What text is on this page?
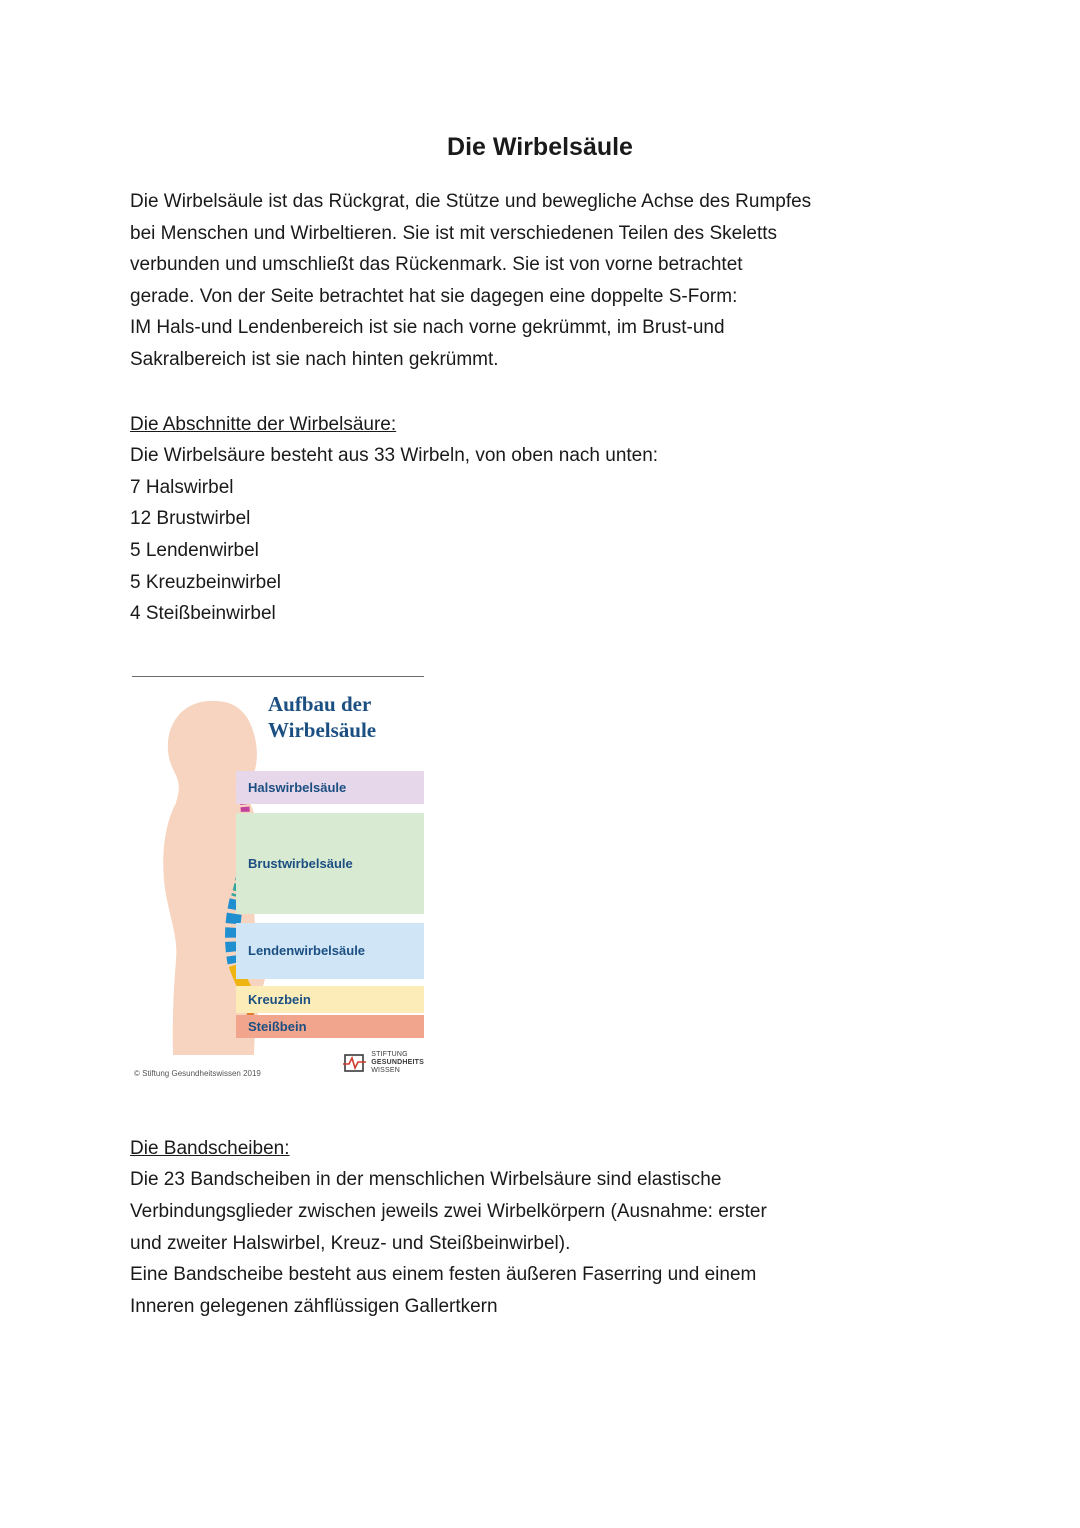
Die Wirbelsäule
Die Wirbelsäule ist das Rückgrat, die Stütze und bewegliche Achse des Rumpfes
bei Menschen und Wirbeltieren. Sie ist mit verschiedenen Teilen des Skeletts
verbunden und umschließt das Rückenmark. Sie ist von vorne betrachtet
gerade. Von der Seite betrachtet hat sie dagegen eine doppelte S-Form:
IM Hals-und Lendenbereich ist sie nach vorne gekrümmt, im Brust-und
Sakralbereich ist sie nach hinten gekrümmt.
Die Abschnitte der Wirbelsäure:
Die Wirbelsäure besteht aus 33 Wirbeln, von oben nach unten:
7 Halswirbel
12 Brustwirbel
5 Lendenwirbel
5 Kreuzbeinwirbel
4 Steißbeinwirbel
Aufbau der
Wirbelsäule
Halswirbelsäule
Brustwirbelsäule
Lendenwirbelsäule
Kreuzbein
Steißbein
© Stiftung Gesundheitswissen 2019
STIFTUNG
GESUNDHEITS
WISSEN
Die Bandscheiben:
Die 23 Bandscheiben in der menschlichen Wirbelsäure sind elastische
Verbindungsglieder zwischen jeweils zwei Wirbelkörpern (Ausnahme: erster
und zweiter Halswirbel, Kreuz- und Steißbeinwirbel).
Eine Bandscheibe besteht aus einem festen äußeren Faserring und einem
Inneren gelegenen zähflüssigen Gallertkern
